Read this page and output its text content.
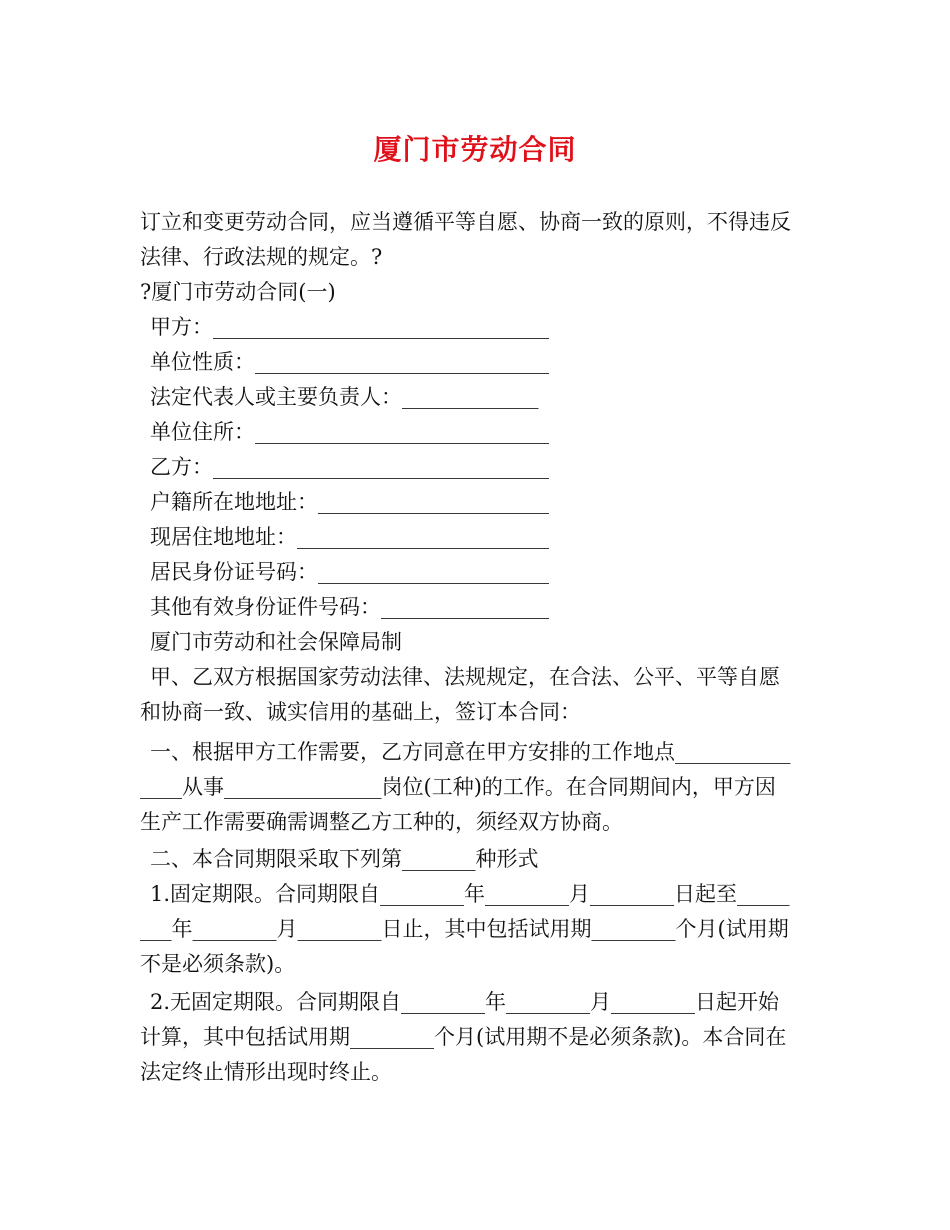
厦门市劳动合同
订立和变更劳动合同，应当遵循平等自愿、协商一致的原则，不得违反
法律、行政法规的规定。?
?厦门市劳动合同(一)
甲方：________________________________
单位性质：____________________________
法定代表人或主要负责人：_____________
单位住所：____________________________
乙方：________________________________
户籍所在地地址：______________________
现居住地地址：________________________
居民身份证号码：______________________
其他有效身份证件号码：________________
厦门市劳动和社会保障局制
甲、乙双方根据国家劳动法律、法规规定，在合法、公平、平等自愿
和协商一致、诚实信用的基础上，签订本合同：
一、根据甲方工作需要，乙方同意在甲方安排的工作地点___________
____从事_______________岗位(工种)的工作。在合同期间内，甲方因
生产工作需要确需调整乙方工种的，须经双方协商。
二、本合同期限采取下列第_______种形式
1.固定期限。合同期限自________年________月________日起至_____
___年________月________日止，其中包括试用期________个月(试用期
不是必须条款)。
2.无固定期限。合同期限自________年________月________日起开始
计算，其中包括试用期________个月(试用期不是必须条款)。本合同在
法定终止情形出现时终止。
